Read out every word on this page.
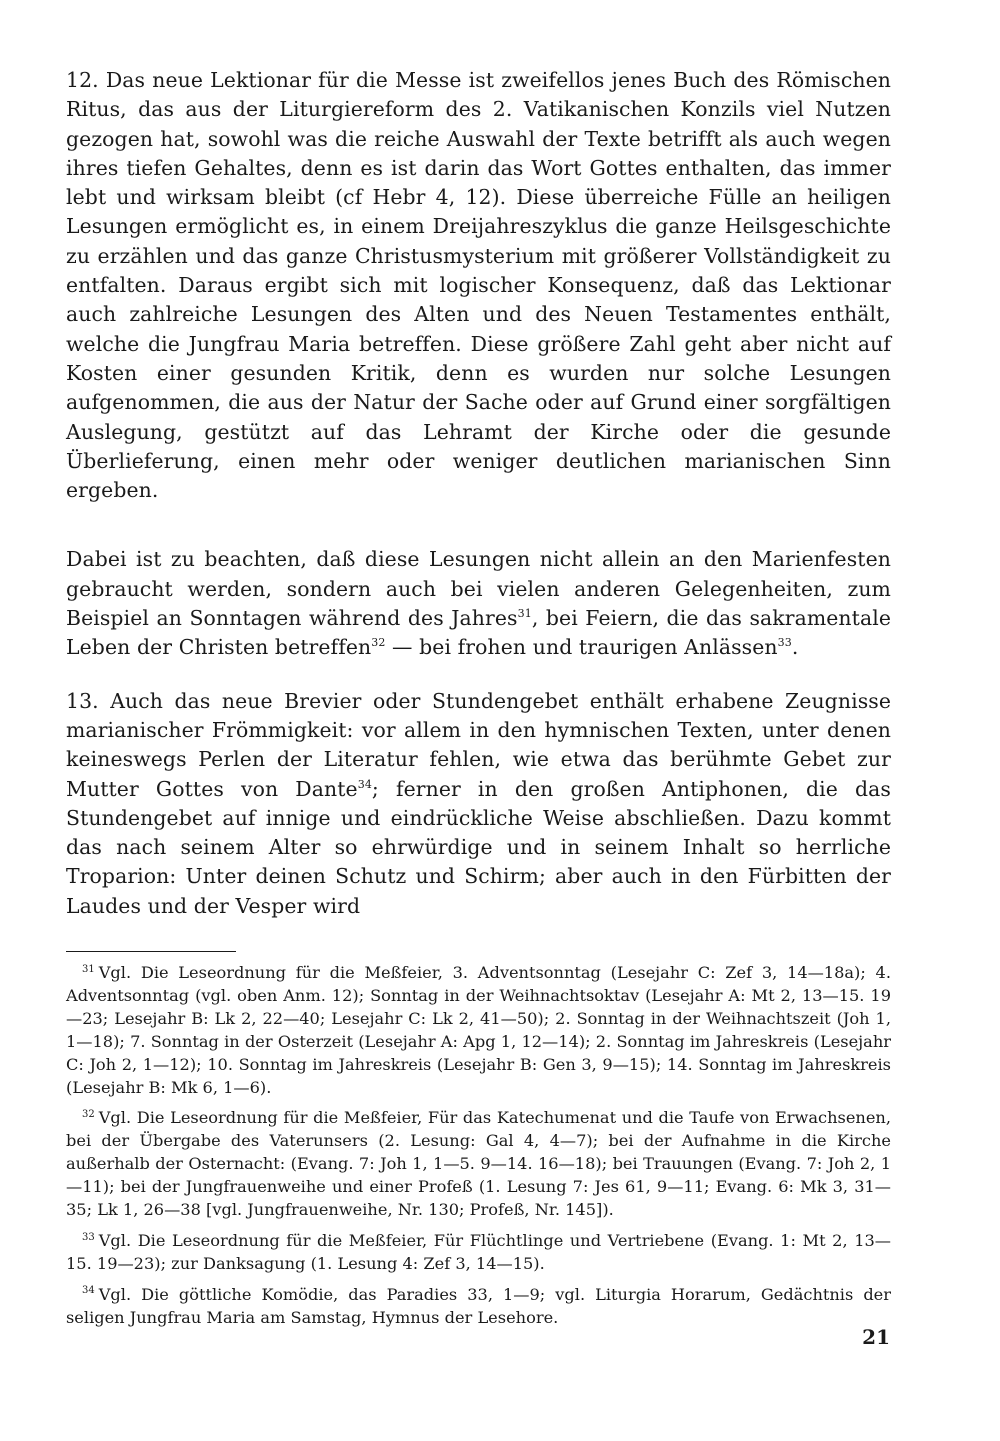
12. Das neue Lektionar für die Messe ist zweifellos jenes Buch des Römischen Ritus, das aus der Liturgiereform des 2. Vatikanischen Konzils viel Nutzen gezogen hat, sowohl was die reiche Auswahl der Texte betrifft als auch wegen ihres tiefen Gehaltes, denn es ist darin das Wort Gottes enthalten, das immer lebt und wirksam bleibt (cf Hebr 4, 12). Diese überreiche Fülle an heiligen Lesungen ermöglicht es, in einem Dreijahreszyklus die ganze Heilsgeschichte zu erzählen und das ganze Christusmysterium mit größerer Vollständigkeit zu entfalten. Daraus ergibt sich mit logischer Konsequenz, daß das Lektionar auch zahlreiche Lesungen des Alten und des Neuen Testamentes enthält, welche die Jungfrau Maria betreffen. Diese größere Zahl geht aber nicht auf Kosten einer gesunden Kritik, denn es wurden nur solche Lesungen aufgenommen, die aus der Natur der Sache oder auf Grund einer sorgfältigen Auslegung, gestützt auf das Lehramt der Kirche oder die gesunde Überlieferung, einen mehr oder weniger deutlichen marianischen Sinn ergeben.

Dabei ist zu beachten, daß diese Lesungen nicht allein an den Marienfesten gebraucht werden, sondern auch bei vielen anderen Gelegenheiten, zum Beispiel an Sonntagen während des Jahres$^{31}$, bei Feiern, die das sakramentale Leben der Christen betreffen$^{32}$ — bei frohen und traurigen Anlässen$^{33}$.

13. Auch das neue Brevier oder Stundengebet enthält erhabene Zeugnisse marianischer Frömmigkeit: vor allem in den hymnischen Texten, unter denen keineswegs Perlen der Literatur fehlen, wie etwa das berühmte Gebet zur Mutter Gottes von Dante$^{34}$; ferner in den großen Antiphonen, die das Stundengebet auf innige und eindrückliche Weise abschließen. Dazu kommt das nach seinem Alter so ehrwürdige und in seinem Inhalt so herrliche Troparion: Unter deinen Schutz und Schirm; aber auch in den Fürbitten der Laudes und der Vesper wird

$^{31}$ Vgl. Die Leseordnung für die Meßfeier, 3. Adventsonntag (Lesejahr C: Zef 3, 14—18a); 4. Adventsonntag (vgl. oben Anm. 12); Sonntag in der Weihnachtsoktav (Lesejahr A: Mt 2, 13—15. 19—23; Lesejahr B: Lk 2, 22—40; Lesejahr C: Lk 2, 41—50); 2. Sonntag in der Weihnachtszeit (Joh 1, 1—18); 7. Sonntag in der Osterzeit (Lesejahr A: Apg 1, 12—14); 2. Sonntag im Jahreskreis (Lesejahr C: Joh 2, 1—12); 10. Sonntag im Jahreskreis (Lesejahr B: Gen 3, 9—15); 14. Sonntag im Jahreskreis (Lesejahr B: Mk 6, 1—6).

$^{32}$ Vgl. Die Leseordnung für die Meßfeier, Für das Katechumenat und die Taufe von Erwachsenen, bei der Übergabe des Vaterunsers (2. Lesung: Gal 4, 4—7); bei der Aufnahme in die Kirche außerhalb der Osternacht: (Evang. 7: Joh 1, 1—5. 9—14. 16—18); bei Trauungen (Evang. 7: Joh 2, 1—11); bei der Jungfrauenweihe und einer Profeß (1. Lesung 7: Jes 61, 9—11; Evang. 6: Mk 3, 31—35; Lk 1, 26—38 [vgl. Jungfrauenweihe, Nr. 130; Profeß, Nr. 145]).

$^{33}$ Vgl. Die Leseordnung für die Meßfeier, Für Flüchtlinge und Vertriebene (Evang. 1: Mt 2, 13—15. 19—23); zur Danksagung (1. Lesung 4: Zef 3, 14—15).

$^{34}$ Vgl. Die göttliche Komödie, das Paradies 33, 1—9; vgl. Liturgia Horarum, Gedächtnis der seligen Jungfrau Maria am Samstag, Hymnus der Lesehore.

21
